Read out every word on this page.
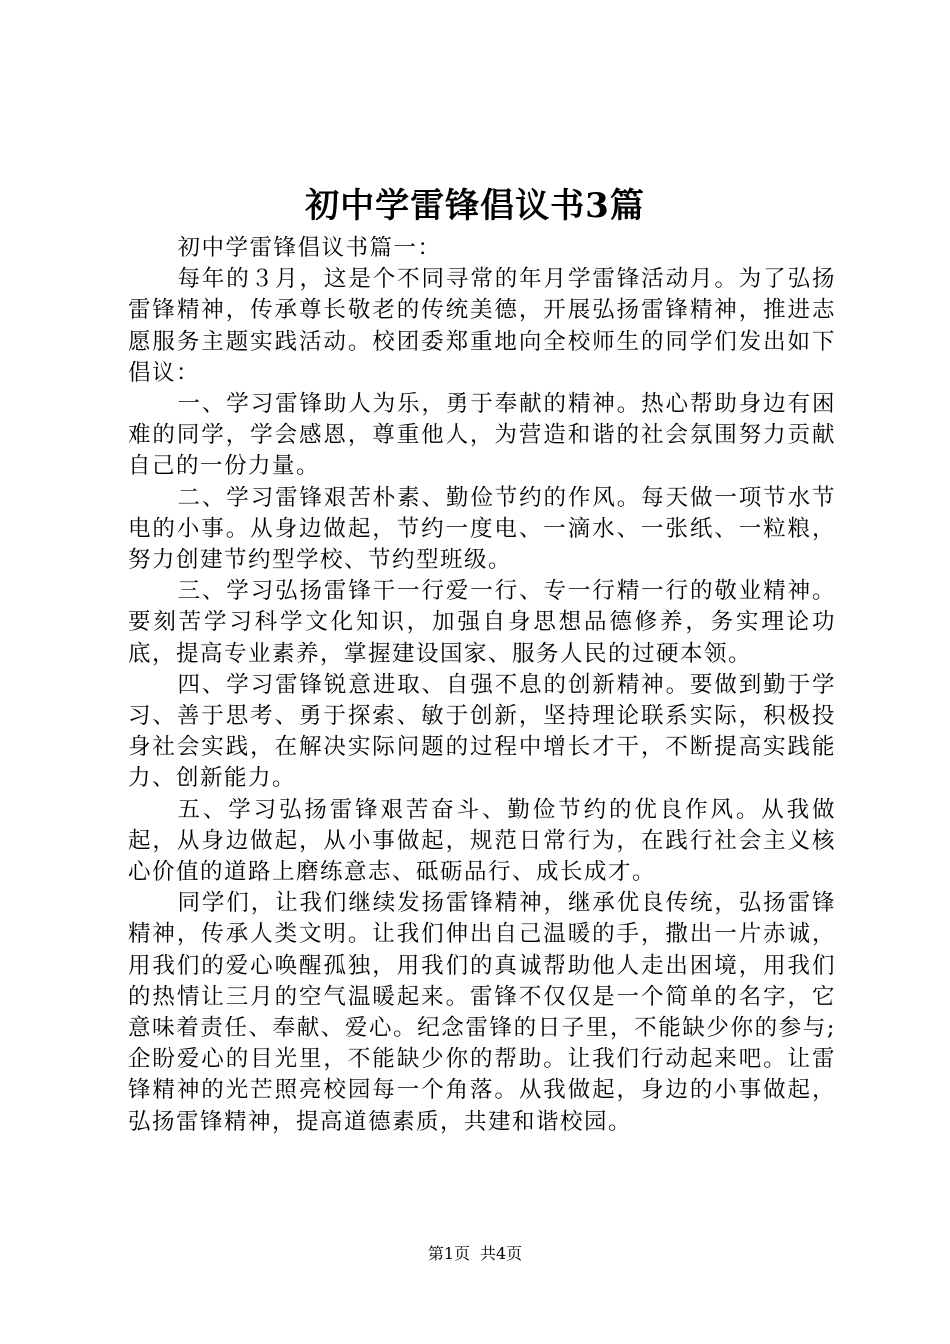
初中学雷锋倡议书3篇

初中学雷锋倡议书篇一：

每年的３月，这是个不同寻常的年月学雷锋活动月。为了弘扬雷锋精神，传承尊长敬老的传统美德，开展弘扬雷锋精神，推进志愿服务主题实践活动。校团委郑重地向全校师生的同学们发出如下倡议：

一、学习雷锋助人为乐，勇于奉献的精神。热心帮助身边有困难的同学，学会感恩，尊重他人，为营造和谐的社会氛围努力贡献自己的一份力量。

二、学习雷锋艰苦朴素、勤俭节约的作风。每天做一项节水节电的小事。从身边做起，节约一度电、一滴水、一张纸、一粒粮，努力创建节约型学校、节约型班级。

三、学习弘扬雷锋干一行爱一行、专一行精一行的敬业精神。要刻苦学习科学文化知识，加强自身思想品德修养，务实理论功底，提高专业素养，掌握建设国家、服务人民的过硬本领。

四、学习雷锋锐意进取、自强不息的创新精神。要做到勤于学习、善于思考、勇于探索、敏于创新，坚持理论联系实际，积极投身社会实践，在解决实际问题的过程中增长才干，不断提高实践能力、创新能力。

五、学习弘扬雷锋艰苦奋斗、勤俭节约的优良作风。从我做起，从身边做起，从小事做起，规范日常行为，在践行社会主义核心价值的道路上磨练意志、砥砺品行、成长成才。

同学们，让我们继续发扬雷锋精神，继承优良传统，弘扬雷锋精神，传承人类文明。让我们伸出自己温暖的手，撒出一片赤诚，用我们的爱心唤醒孤独，用我们的真诚帮助他人走出困境，用我们的热情让三月的空气温暖起来。雷锋不仅仅是一个简单的名字，它意味着责任、奉献、爱心。纪念雷锋的日子里，不能缺少你的参与;企盼爱心的目光里，不能缺少你的帮助。让我们行动起来吧。让雷锋精神的光芒照亮校园每一个角落。从我做起，身边的小事做起，弘扬雷锋精神，提高道德素质，共建和谐校园。

第1页 共4页
